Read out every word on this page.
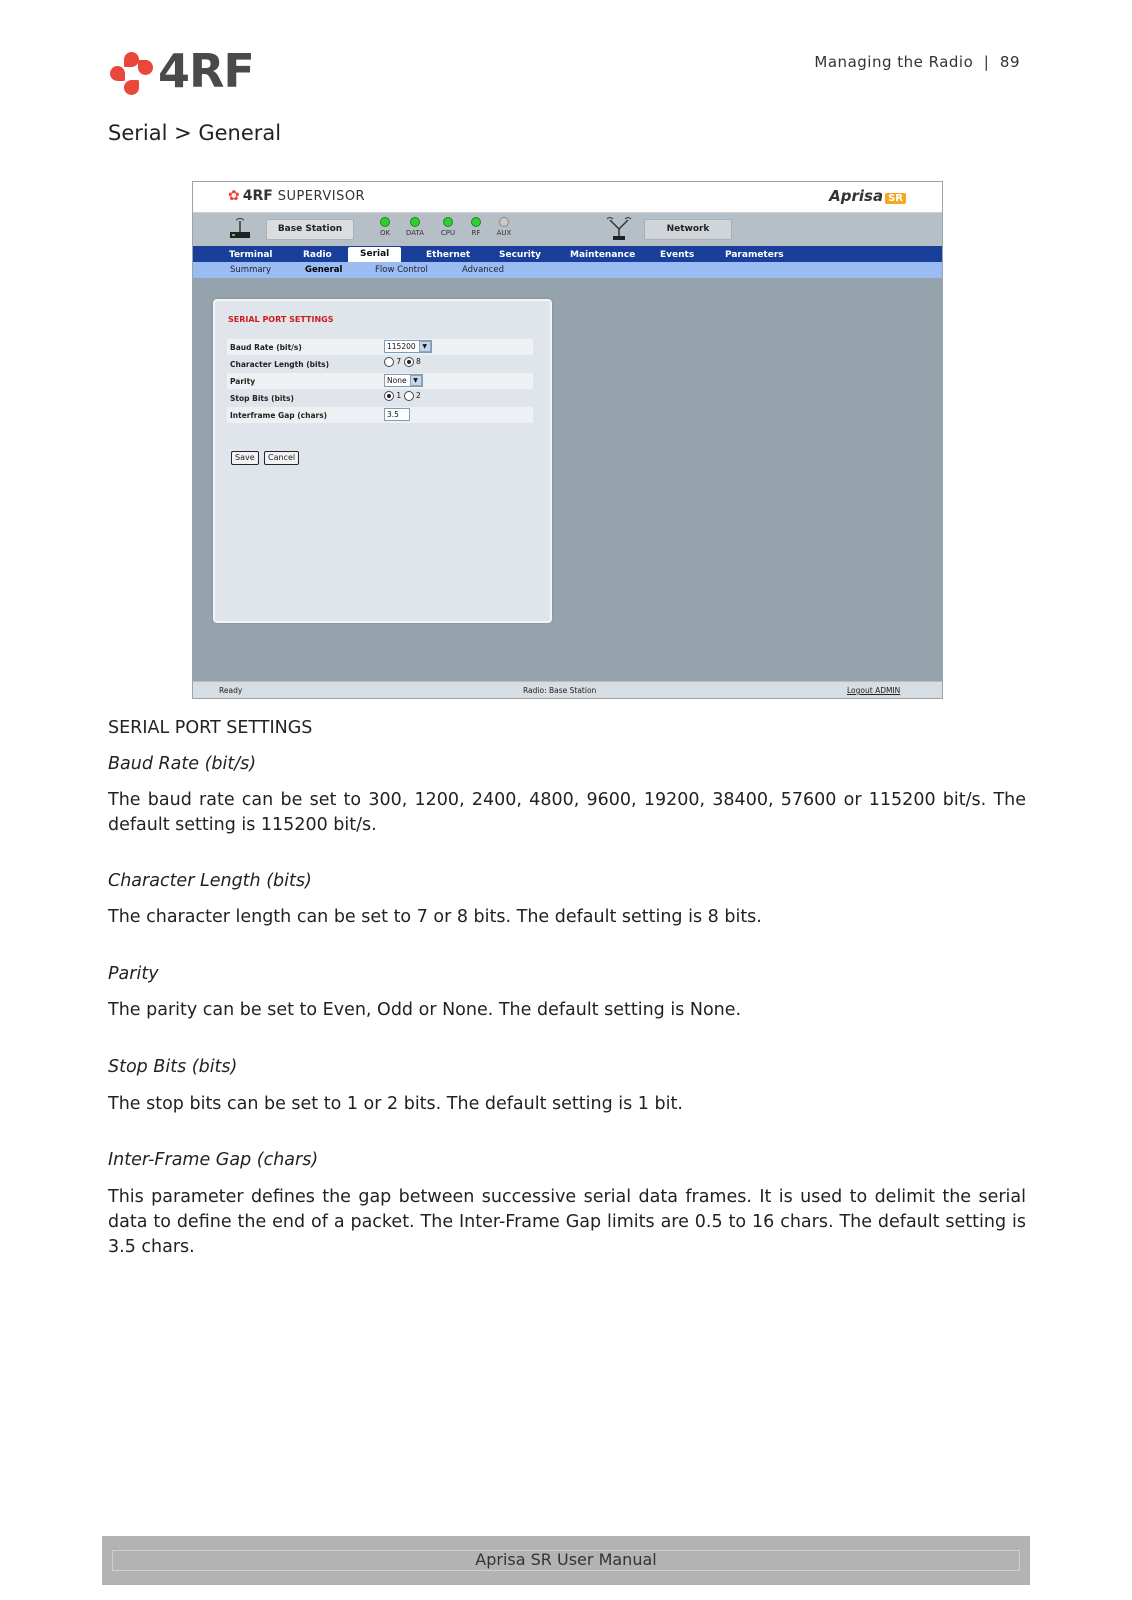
4RF	Managing the Radio  |  89
Serial > General
✿ 4RF SUPERVISOR	Aprisa SR
Base Station	OK	DATA	CPU	RF	AUX	Network
Terminal	Radio	Serial	Ethernet	Security	Maintenance	Events	Parameters
Summary	General	Flow Control	Advanced
SERIAL PORT SETTINGS
Baud Rate (bit/s)	115200 ▼
Character Length (bits)	7 8
Parity	None ▼
Stop Bits (bits)	1 2
Interframe Gap (chars)	3.5
Save	Cancel
Ready	Radio: Base Station	Logout ADMIN
SERIAL PORT SETTINGS
Baud Rate (bit/s)

The baud rate can be set to 300, 1200, 2400, 4800, 9600, 19200, 38400, 57600 or 115200 bit/s. The default setting is 115200 bit/s.

Character Length (bits)

The character length can be set to 7 or 8 bits. The default setting is 8 bits.

Parity

The parity can be set to Even, Odd or None. The default setting is None.

Stop Bits (bits)

The stop bits can be set to 1 or 2 bits. The default setting is 1 bit.

Inter-Frame Gap (chars)

This parameter defines the gap between successive serial data frames. It is used to delimit the serial data to define the end of a packet. The Inter-Frame Gap limits are 0.5 to 16 chars. The default setting is 3.5 chars.

Aprisa SR User Manual
